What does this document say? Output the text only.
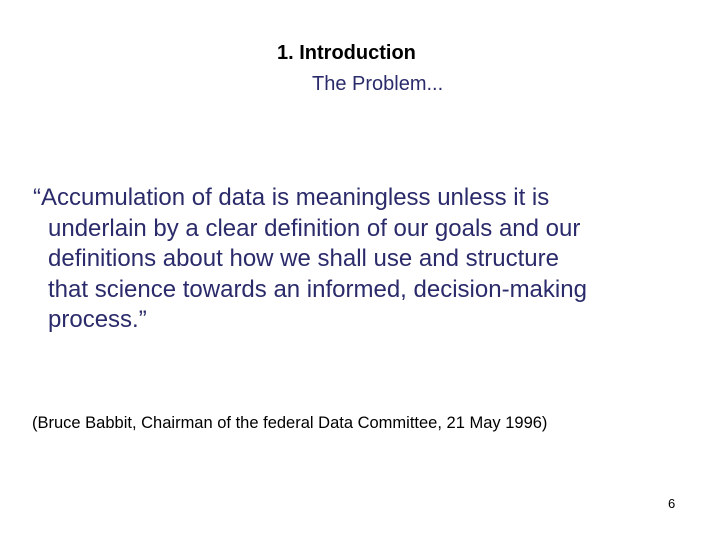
1. Introduction
The Problem...
“Accumulation of data is meaningless unless it is
underlain by a clear definition of our goals and our
definitions about how we shall use and structure
that science towards an informed, decision-making
process.”
(Bruce Babbit, Chairman of the federal Data Committee, 21 May 1996)
6
